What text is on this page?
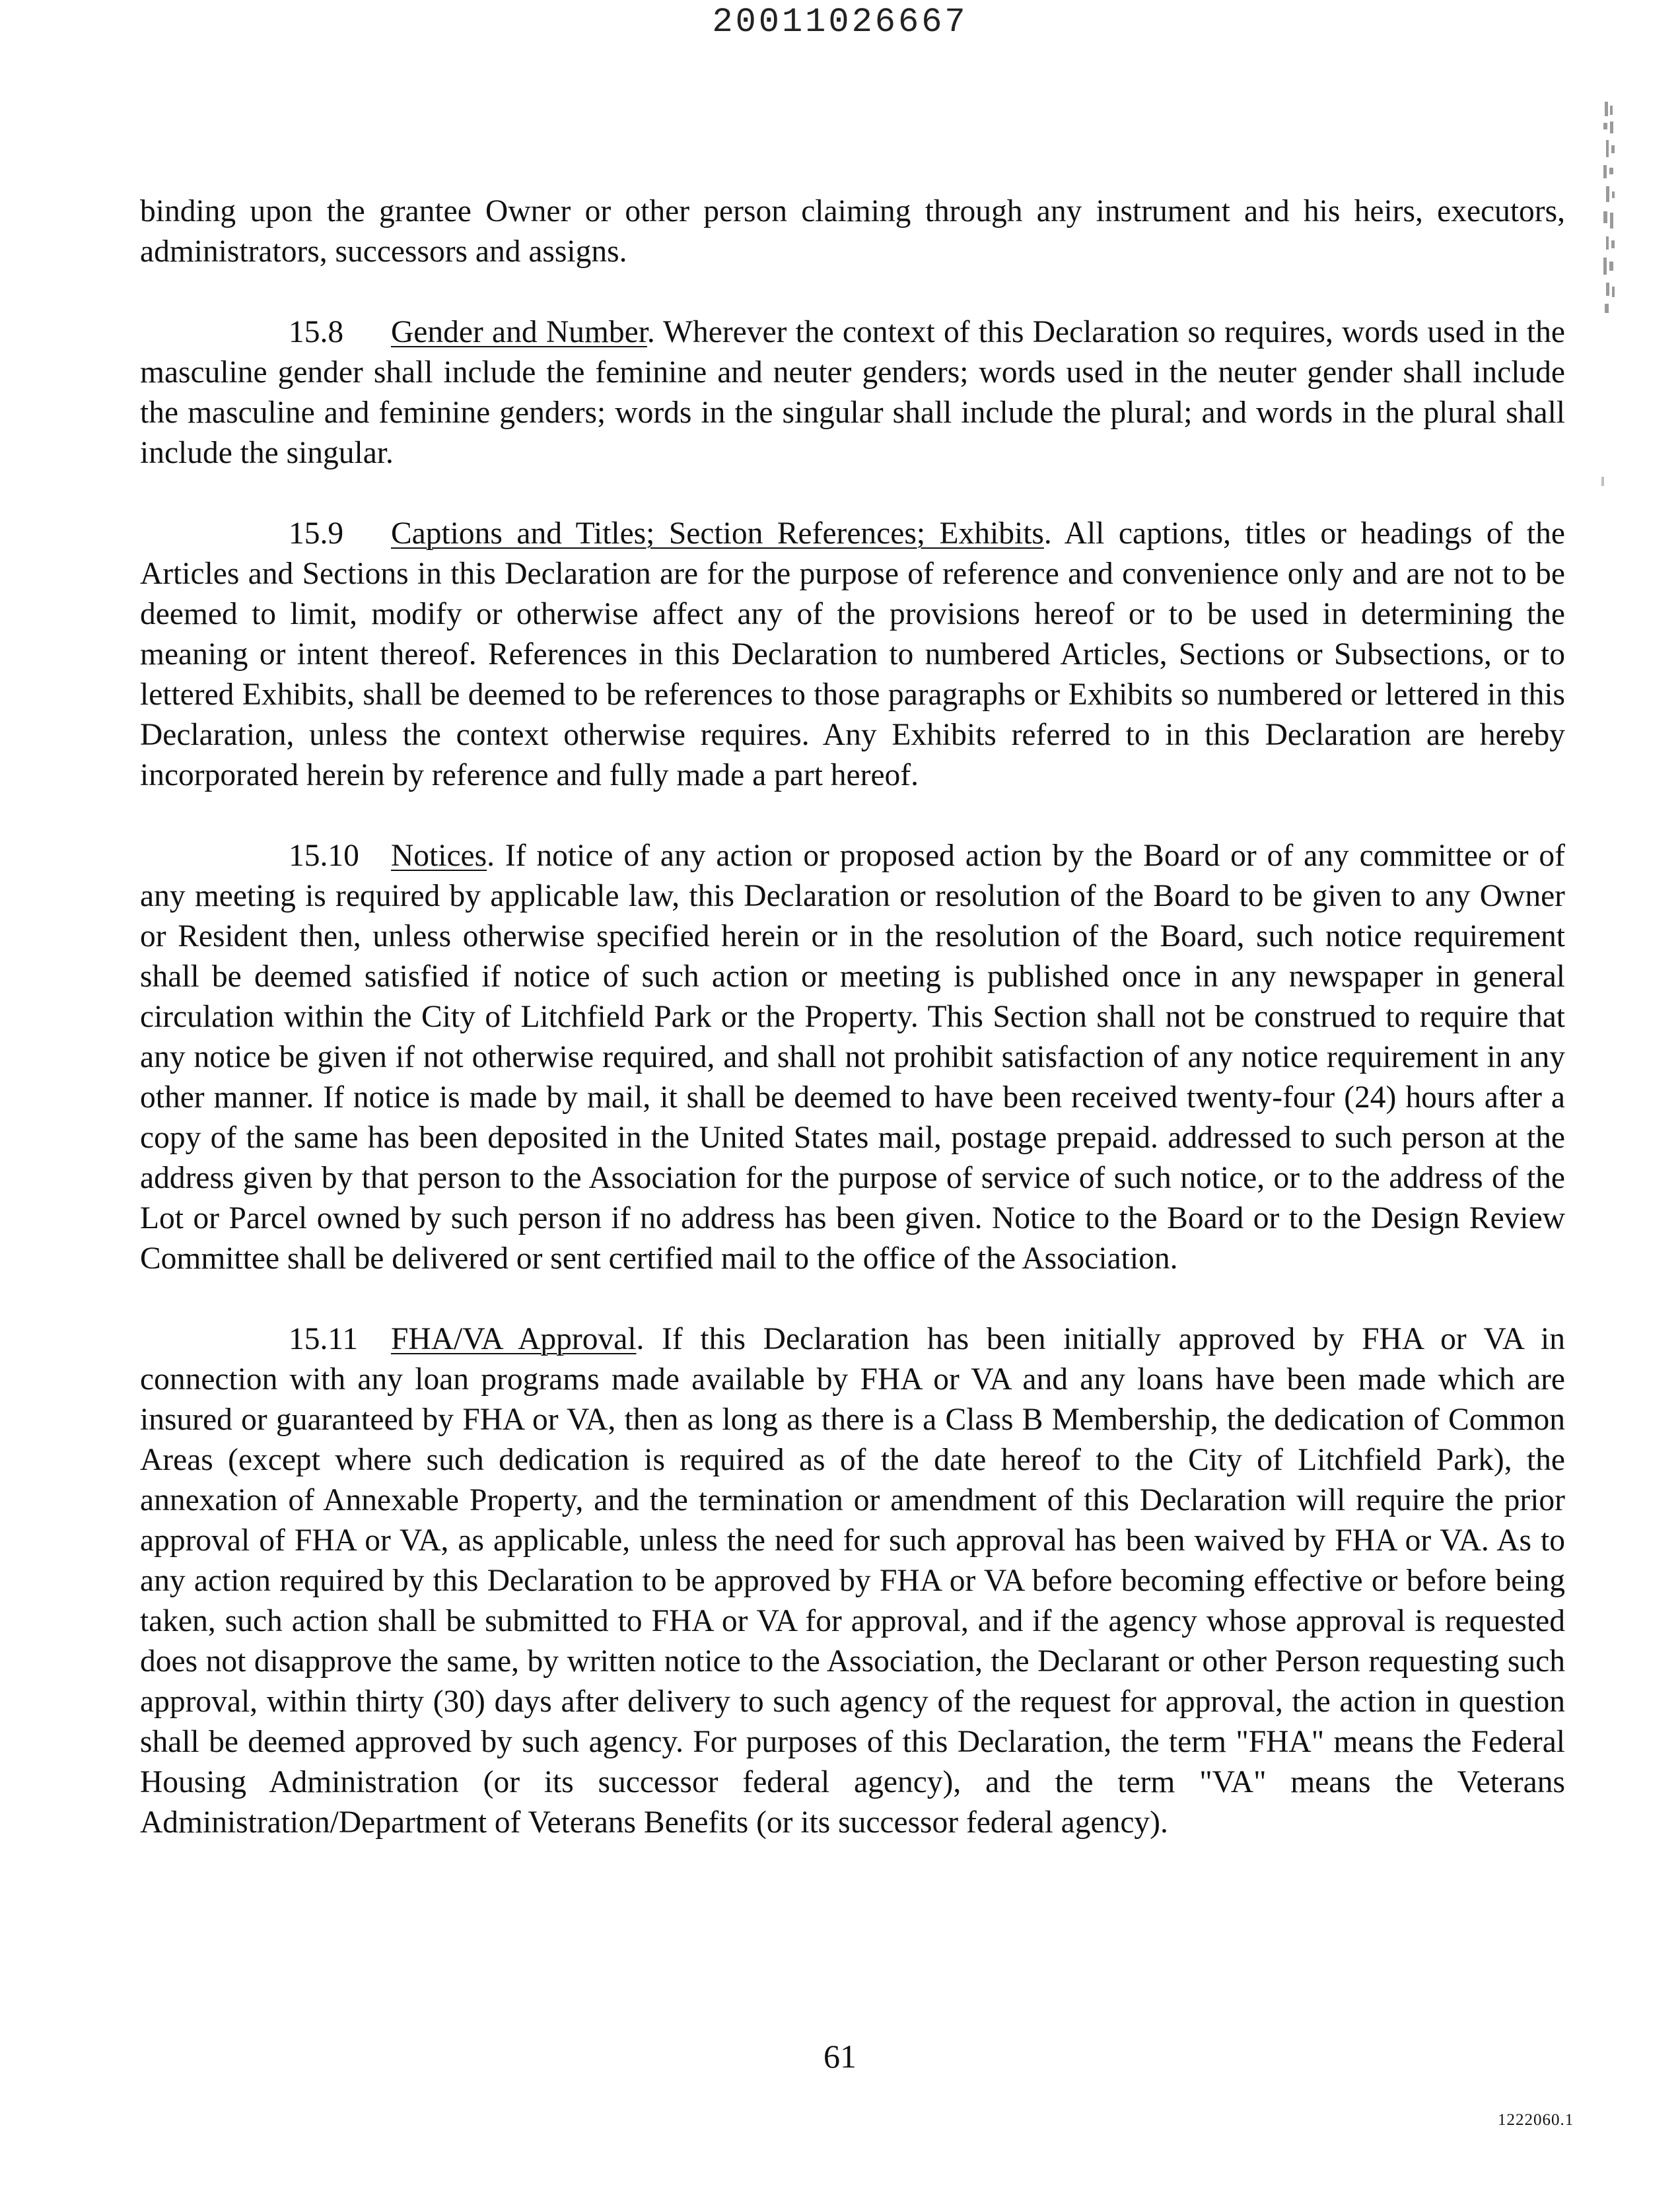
20011026667

binding upon the grantee Owner or other person claiming through any instrument and his heirs, executors, administrators, successors and assigns.

15.8 Gender and Number. Wherever the context of this Declaration so requires, words used in the masculine gender shall include the feminine and neuter genders; words used in the neuter gender shall include the masculine and feminine genders; words in the singular shall include the plural; and words in the plural shall include the singular.

15.9 Captions and Titles; Section References; Exhibits. All captions, titles or headings of the Articles and Sections in this Declaration are for the purpose of reference and convenience only and are not to be deemed to limit, modify or otherwise affect any of the provisions hereof or to be used in determining the meaning or intent thereof. References in this Declaration to numbered Articles, Sections or Subsections, or to lettered Exhibits, shall be deemed to be references to those paragraphs or Exhibits so numbered or lettered in this Declaration, unless the context otherwise requires. Any Exhibits referred to in this Declaration are hereby incorporated herein by reference and fully made a part hereof.

15.10 Notices. If notice of any action or proposed action by the Board or of any committee or of any meeting is required by applicable law, this Declaration or resolution of the Board to be given to any Owner or Resident then, unless otherwise specified herein or in the resolution of the Board, such notice requirement shall be deemed satisfied if notice of such action or meeting is published once in any newspaper in general circulation within the City of Litchfield Park or the Property. This Section shall not be construed to require that any notice be given if not otherwise required, and shall not prohibit satisfaction of any notice requirement in any other manner. If notice is made by mail, it shall be deemed to have been received twenty-four (24) hours after a copy of the same has been deposited in the United States mail, postage prepaid. addressed to such person at the address given by that person to the Association for the purpose of service of such notice, or to the address of the Lot or Parcel owned by such person if no address has been given. Notice to the Board or to the Design Review Committee shall be delivered or sent certified mail to the office of the Association.

15.11 FHA/VA Approval. If this Declaration has been initially approved by FHA or VA in connection with any loan programs made available by FHA or VA and any loans have been made which are insured or guaranteed by FHA or VA, then as long as there is a Class B Membership, the dedication of Common Areas (except where such dedication is required as of the date hereof to the City of Litchfield Park), the annexation of Annexable Property, and the termination or amendment of this Declaration will require the prior approval of FHA or VA, as applicable, unless the need for such approval has been waived by FHA or VA. As to any action required by this Declaration to be approved by FHA or VA before becoming effective or before being taken, such action shall be submitted to FHA or VA for approval, and if the agency whose approval is requested does not disapprove the same, by written notice to the Association, the Declarant or other Person requesting such approval, within thirty (30) days after delivery to such agency of the request for approval, the action in question shall be deemed approved by such agency. For purposes of this Declaration, the term "FHA" means the Federal Housing Administration (or its successor federal agency), and the term "VA" means the Veterans Administration/Department of Veterans Benefits (or its successor federal agency).

61
1222060.1
